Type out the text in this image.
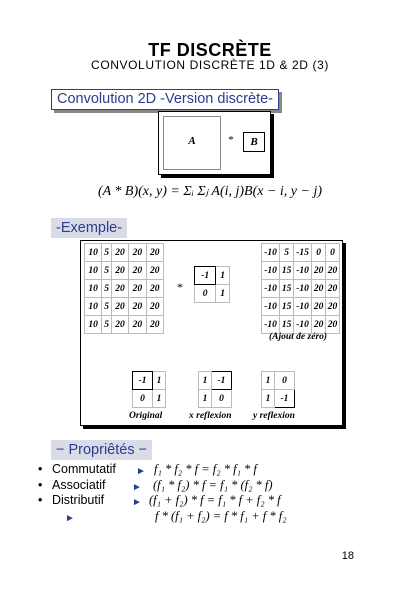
TF DISCRÈTE
CONVOLUTION DISCRÈTE 1D & 2D (3)
Convolution 2D -Version discrète-
A	*	B
(A * B)(x, y) = Σᵢ Σⱼ A(i, j)B(x − i, y − j)
-Exemple-
10	5	20	20	20
10	5	20	20	20
10	5	20	20	20
10	5	20	20	20
10	5	20	20	20
*
-1	1
0	1
-10	5	-15	0	0
-10	15	-10	20	20
-10	15	-10	20	20
-10	15	-10	20	20
-10	15	-10	20	20
(Ajout de zéro)
-1	1
0	1
Original
1	-1
1	0
x reflexion
1	0
1	-1
y reflexion
− Propriêtés −
• Commutatif ► f₁ * f₂ * f = f₂ * f₁ * f
• Associatif	► (f₁ * f₂) * f = f₁ * (f₂ * f)
• Distributif	► (f₁ + f₂) * f = f₁ * f + f₂ * f
►	f * (f₁ + f₂) = f * f₁ + f * f₂
18
